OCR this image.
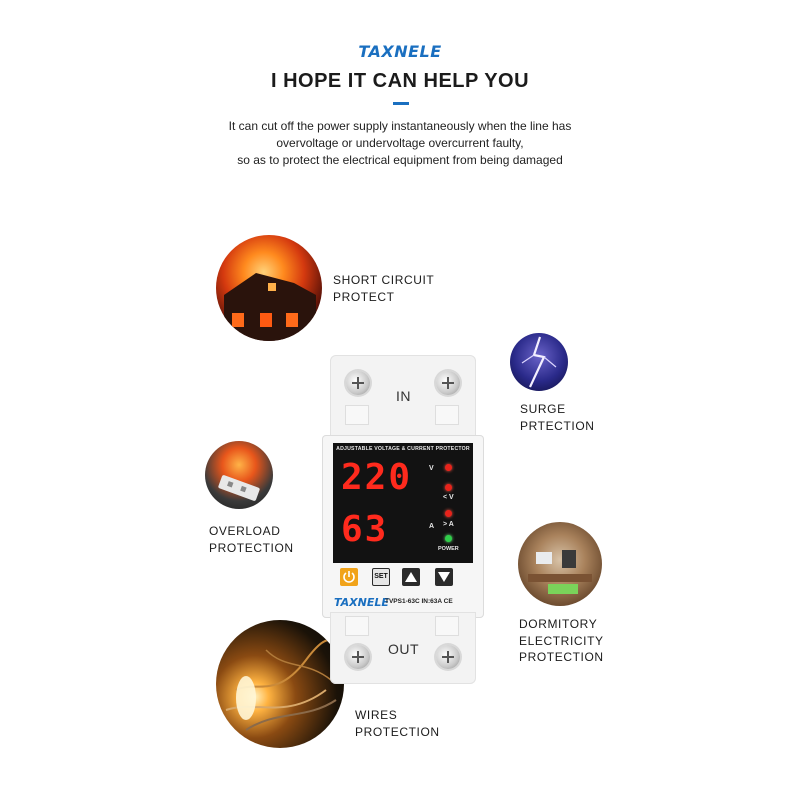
TAXNELE
I HOPE IT CAN HELP YOU
It can cut off the power supply instantaneously when the line has
overvoltage or undervoltage overcurrent faulty,
so as to protect the electrical equipment from being damaged
SHORT CIRCUIT
PROTECT
SURGE
PRTECTION
OVERLOAD
PROTECTION
DORMITORY
ELECTRICITY
PROTECTION
WIRES
PROTECTION
IN
ADJUSTABLE VOLTAGE & CURRENT PROTECTOR
220
63
V
A
< V
> A
POWER
SET
TAXNELE
TVPS1-63C IN:63A CE
OUT
